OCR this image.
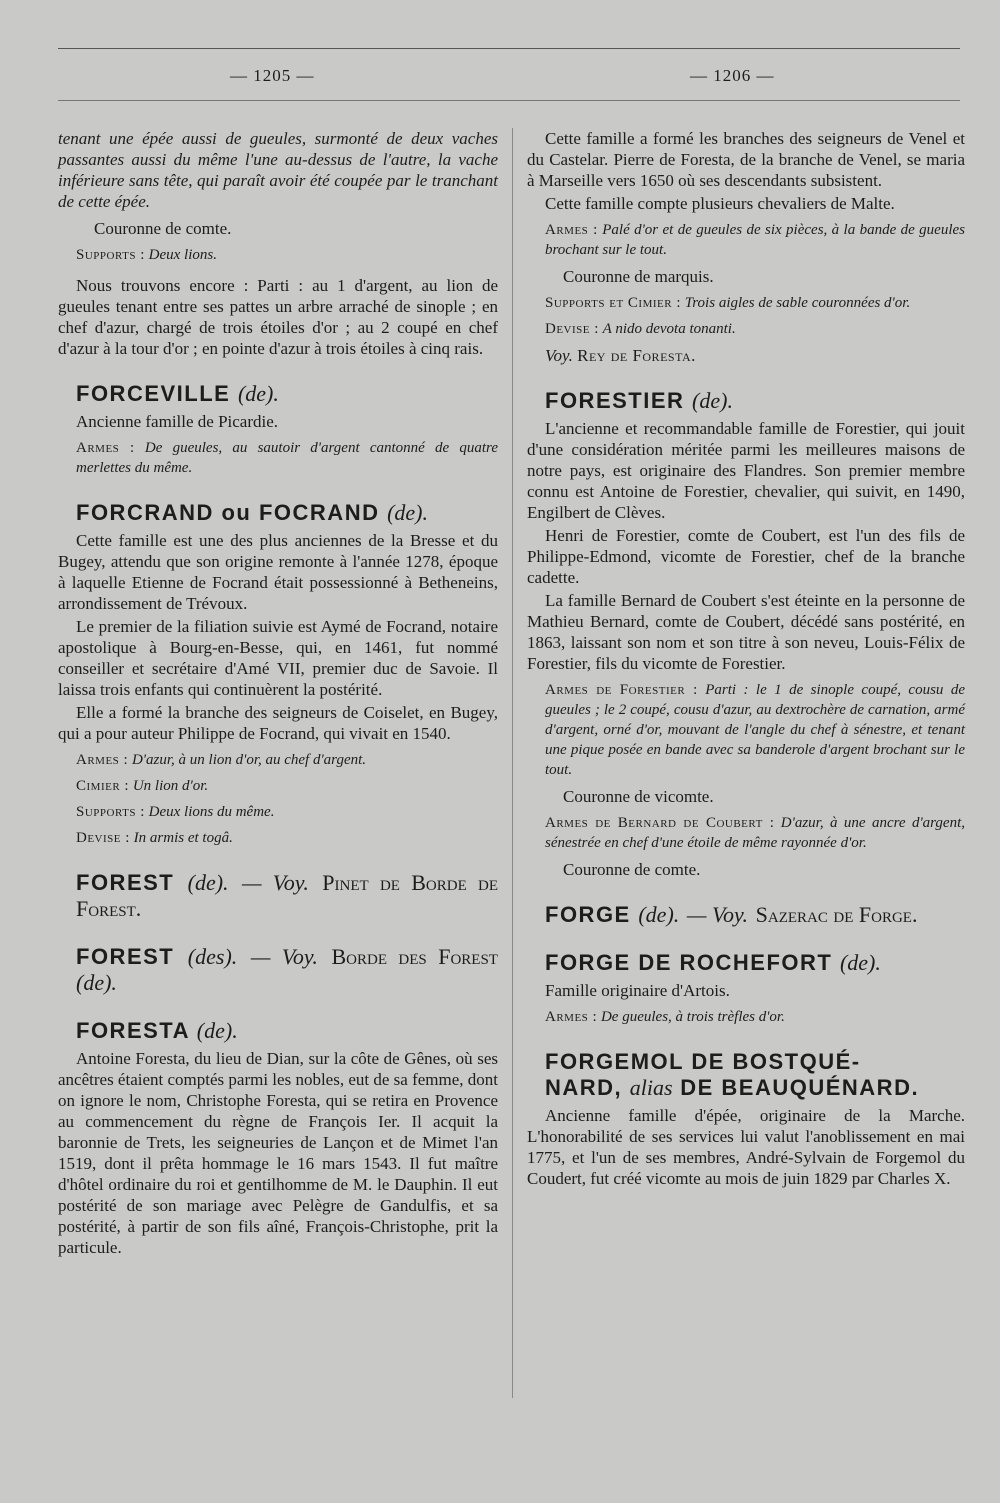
— 1205 —	— 1206 —

tenant une épée aussi de gueules, surmonté de deux vaches passantes aussi du même l'une au-dessus de l'autre, la vache inférieure sans tête, qui paraît avoir été coupée par le tranchant de cette épée.

Couronne de comte.

Supports : Deux lions.

Nous trouvons encore : Parti : au 1 d'argent, au lion de gueules tenant entre ses pattes un arbre arraché de sinople ; en chef d'azur, chargé de trois étoiles d'or ; au 2 coupé en chef d'azur à la tour d'or ; en pointe d'azur à trois étoiles à cinq rais.

FORCEVILLE (de).

Ancienne famille de Picardie.

Armes : De gueules, au sautoir d'argent cantonné de quatre merlettes du même.
FORCRAND ou FOCRAND (de).

Cette famille est une des plus anciennes de la Bresse et du Bugey, attendu que son origine remonte à l'année 1278, époque à laquelle Etienne de Focrand était possessionné à Betheneins, arrondissement de Trévoux.

Le premier de la filiation suivie est Aymé de Focrand, notaire apostolique à Bourg-en-Besse, qui, en 1461, fut nommé conseiller et secrétaire d'Amé VII, premier duc de Savoie. Il laissa trois enfants qui continuèrent la postérité.

Elle a formé la branche des seigneurs de Coiselet, en Bugey, qui a pour auteur Philippe de Focrand, qui vivait en 1540.

Armes : D'azur, à un lion d'or, au chef d'argent.
Cimier : Un lion d'or.
Supports : Deux lions du même.
Devise : In armis et togâ.
FOREST (de). — Voy. Pinet de Borde de Forest.
FOREST (des). — Voy. Borde des Forest (de).
FORESTA (de).

Antoine Foresta, du lieu de Dian, sur la côte de Gênes, où ses ancêtres étaient comptés parmi les nobles, eut de sa femme, dont on ignore le nom, Christophe Foresta, qui se retira en Provence au commencement du règne de François Ier. Il acquit la baronnie de Trets, les seigneuries de Lançon et de Mimet l'an 1519, dont il prêta hommage le 16 mars 1543. Il fut maître d'hôtel ordinaire du roi et gentilhomme de M. le Dauphin. Il eut postérité de son mariage avec Pelègre de Gandulfis, et sa postérité, à partir de son fils aîné, François-Christophe, prit la particule.

Cette famille a formé les branches des seigneurs de Venel et du Castelar. Pierre de Foresta, de la branche de Venel, se maria à Marseille vers 1650 où ses descendants subsistent.

Cette famille compte plusieurs chevaliers de Malte.

Armes : Palé d'or et de gueules de six pièces, à la bande de gueules brochant sur le tout.

Couronne de marquis.

Supports et Cimier : Trois aigles de sable couronnées d'or.
Devise : A nido devota tonanti.
Voy. Rey de Foresta.
FORESTIER (de).

L'ancienne et recommandable famille de Forestier, qui jouit d'une considération méritée parmi les meilleures maisons de notre pays, est originaire des Flandres. Son premier membre connu est Antoine de Forestier, chevalier, qui suivit, en 1490, Engilbert de Clèves.

Henri de Forestier, comte de Coubert, est l'un des fils de Philippe-Edmond, vicomte de Forestier, chef de la branche cadette.

La famille Bernard de Coubert s'est éteinte en la personne de Mathieu Bernard, comte de Coubert, décédé sans postérité, en 1863, laissant son nom et son titre à son neveu, Louis-Félix de Forestier, fils du vicomte de Forestier.

Armes de Forestier : Parti : le 1 de sinople coupé, cousu de gueules ; le 2 coupé, cousu d'azur, au dextrochère de carnation, armé d'argent, orné d'or, mouvant de l'angle du chef à sénestre, et tenant une pique posée en bande avec sa banderole d'argent brochant sur le tout.

Couronne de vicomte.

Armes de Bernard de Coubert : D'azur, à une ancre d'argent, sénestrée en chef d'une étoile de même rayonnée d'or.

Couronne de comte.

FORGE (de). — Voy. Sazerac de Forge.
FORGE DE ROCHEFORT (de).

Famille originaire d'Artois.

Armes : De gueules, à trois trèfles d'or.
FORGEMOL DE BOSTQUÉ-
NARD, alias DE BEAUQUÉNARD.

Ancienne famille d'épée, originaire de la Marche. L'honorabilité de ses services lui valut l'anoblissement en mai 1775, et l'un de ses membres, André-Sylvain de Forgemol du Coudert, fut créé vicomte au mois de juin 1829 par Charles X.
